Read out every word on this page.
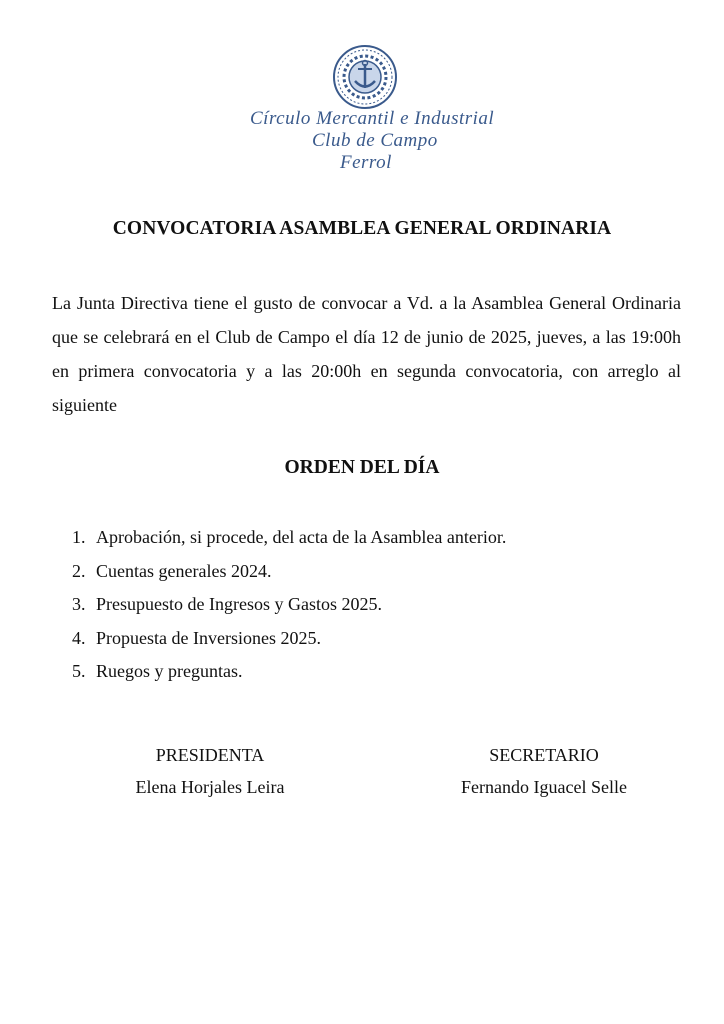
Círculo Mercantil e Industrial
Club de Campo
Ferrol
CONVOCATORIA ASAMBLEA GENERAL ORDINARIA
La Junta Directiva tiene el gusto de convocar a Vd. a la Asamblea General Ordinaria que se celebrará en el Club de Campo el día 12 de junio de 2025, jueves, a las 19:00h en primera convocatoria y a las 20:00h en segunda convocatoria, con arreglo al siguiente
ORDEN DEL DÍA
1. Aprobación, si procede, del acta de la Asamblea anterior.
2. Cuentas generales 2024.
3. Presupuesto de Ingresos y Gastos 2025.
4. Propuesta de Inversiones 2025.
5. Ruegos y preguntas.
PRESIDENTA
Elena Horjales Leira
SECRETARIO
Fernando Iguacel Selle
